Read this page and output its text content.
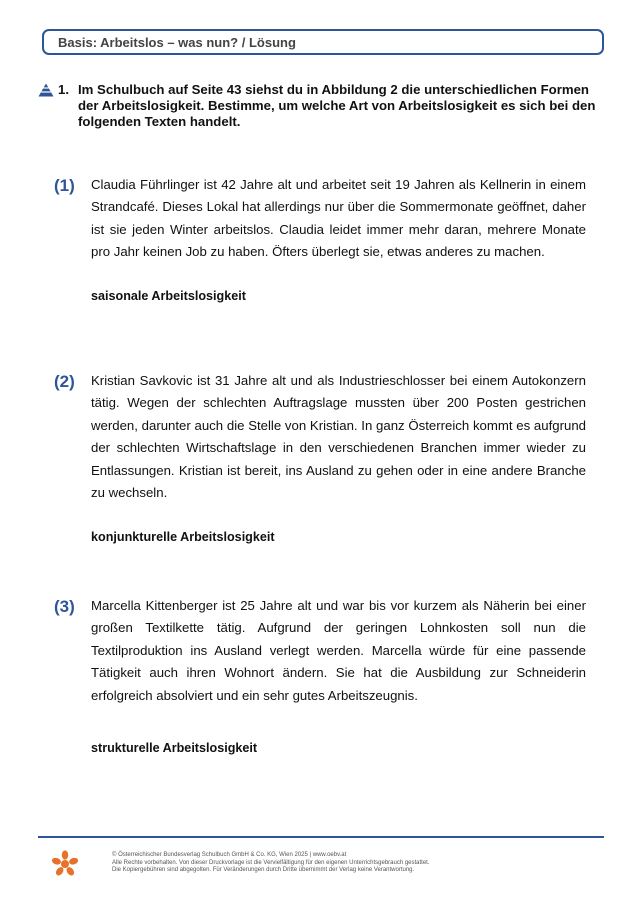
Basis: Arbeitslos – was nun? / Lösung
1. Im Schulbuch auf Seite 43 siehst du in Abbildung 2 die unterschiedlichen Formen der Arbeitslosigkeit. Bestimme, um welche Art von Arbeitslosigkeit es sich bei den folgenden Texten handelt.
(1) Claudia Führlinger ist 42 Jahre alt und arbeitet seit 19 Jahren als Kellnerin in einem Strandcafé. Dieses Lokal hat allerdings nur über die Sommermonate geöffnet, daher ist sie jeden Winter arbeitslos. Claudia leidet immer mehr daran, mehrere Monate pro Jahr keinen Job zu haben. Öfters überlegt sie, etwas anderes zu machen.
saisonale Arbeitslosigkeit
(2) Kristian Savkovic ist 31 Jahre alt und als Industrieschlosser bei einem Autokonzern tätig. Wegen der schlechten Auftragslage mussten über 200 Posten gestrichen werden, darunter auch die Stelle von Kristian. In ganz Österreich kommt es aufgrund der schlechten Wirtschaftslage in den verschiedenen Branchen immer wieder zu Entlassungen. Kristian ist bereit, ins Ausland zu gehen oder in eine andere Branche zu wechseln.
konjunkturelle Arbeitslosigkeit
(3) Marcella Kittenberger ist 25 Jahre alt und war bis vor kurzem als Näherin bei einer großen Textilkette tätig. Aufgrund der geringen Lohnkosten soll nun die Textilproduktion ins Ausland verlegt werden. Marcella würde für eine passende Tätigkeit auch ihren Wohnort ändern. Sie hat die Ausbildung zur Schneiderin erfolgreich absolviert und ein sehr gutes Arbeitszeugnis.
strukturelle Arbeitslosigkeit
© Österreichischer Bundesverlag Schulbuch GmbH & Co. KG, Wien 2025 | www.oebv.at
Alle Rechte vorbehalten. Von dieser Druckvorlage ist die Vervielfältigung für den eigenen Unterrichtsgebrauch gestattet.
Die Kopiergebühren sind abgegolten. Für Veränderungen durch Dritte übernimmt der Verlag keine Verantwortung.
